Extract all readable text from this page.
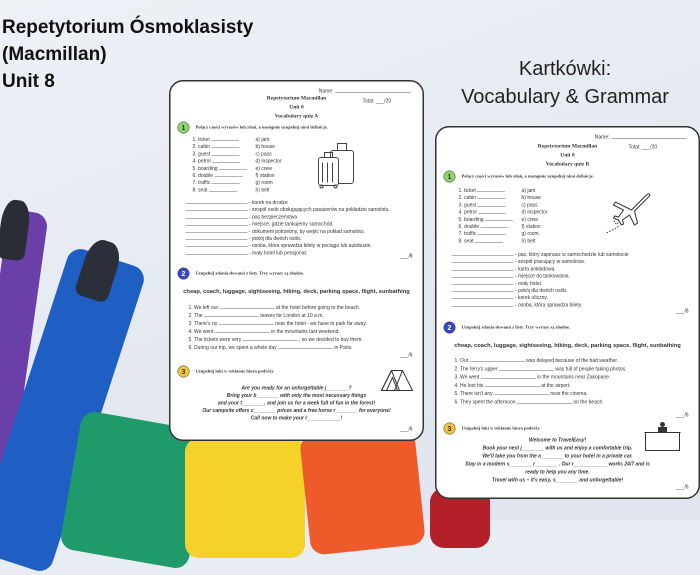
Repetytorium Ósmoklasisty
(Macmillan)
Unit 8
Kartkówki:
Vocabulary & Grammar
Name:
Total: ___/20
Repetytorium Macmillan
Unit 8
Vocabulary quiz A
1	Połącz części wyrazów lub zdań, a następnie uzupełnij nimi definicje.
1. ticket	a) jam
- korek na drodze
2. cabin	b) house
- zespół osób obsługujących pasażerów na pokładzie samolotu.
3. guest	c) pass
- pas bezpieczeństwa
4. petrol	d) inspector
- miejsce, gdzie tankujemy samochód.
5. boarding	e) crew
- dokument potrzebny, by wejść na pokład samolotu.
6. double	f) station
- pokój dla dwóch osób.
7. traffic	g) room
- osoba, która sprawdza bilety w pociągu lub autobusie.
8. seat	h) belt
- mały hotel lub pensjonat.
___/8
2	Uzupełnij zdania słowami z listy. Trzy wyrazy są zbędne.
cheap, coach, luggage, sightseeing, hiking, deck, parking space, flight, sunbathing
1. We left our	at the hotel before going to the beach.
2. The	leaves for London at 10 a.m.
3. There's no	near the hotel - we have to park far away.
4. We went	in the mountains last weekend.
5. The tickets were very	, so we decided to buy them.
6. During our trip, we spent a whole day	in Paris.
___/6
3	Uzupełnij luki w reklamie biura podróży
Are you ready for an unforgettable j________?
Bring your b________ with only the most necessary things
and your t________, and join us for a week full of fun in the forest!
Our campsite offers c________ prices and a free horse r________ for everyone!
Call now to make your r____________!
___/6
Name:
Total: ___/20
Repetytorium Macmillan
Unit 8
Vocabulary quiz B
1	Połącz części wyrazów lub zdań, a następnie uzupełnij nimi definicje.
1. ticket	a) jam
- pas, który zapinasz w samochodzie lub samolocie
2. cabin	b) house
- zespół pracujący w samolocie.
3. guest	c) pass
- karta pokładowa.
4. petrol	d) inspector
- miejsce do tankowania.
5. boarding	e) crew
- mały hotel.
6. double	f) station
- pokój dla dwóch osób.
7. traffic	g) room
- korek uliczny.
8. seat	h) belt
- osoba, która sprawdza bilety.
___/8
2	Uzupełnij zdania słowami z listy. Trzy wyrazy są zbędne.
cheap, coach, luggage, sightseeing, hiking, deck, parking space, flight, sunbathing
1. Our	was delayed because of the bad weather.
2. The ferry's upper	was full of people taking photos.
3. We went	in the mountains near Zakopane.
4. He lost his	at the airport.
5. There isn't any	near the cinema.
6. They spent the afternoon	on the beach.
___/6
3	Uzupełnij luki w reklamie biura podróży
Welcome to TravelEasy!
Book your next j________ with us and enjoy a comfortable trip.
We'll take you from the a________ to your hotel in a private car.
Stay in a modern s________ r________ . Our r____________ works 24/7 and is
ready to help you any time.
Travel with us – it's easy, s________ and unforgettable!
___/6
